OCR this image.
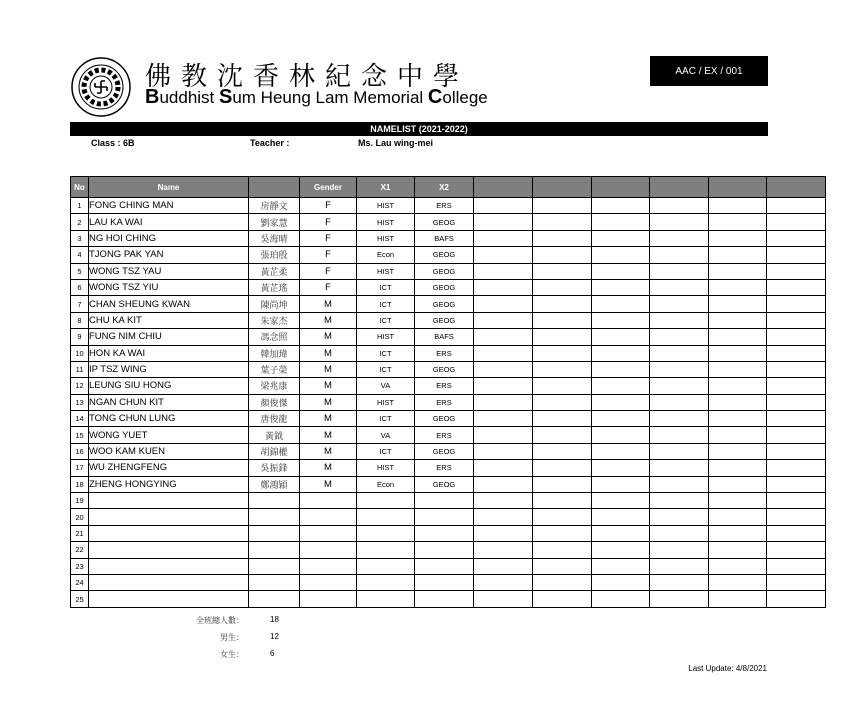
佛教沈香林紀念中學
Buddhist Sum Heung Lam Memorial College
AAC / EX / 001
NAMELIST (2021-2022)
Class : 6B	Teacher :	Ms. Lau wing-mei
No	Name		Gender	X1	X2						
1	FONG CHING MAN	房靜文	F	HIST	ERS						
2	LAU KA WAI	劉家慧	F	HIST	GEOG						
3	NG HOI CHING	吳海晴	F	HIST	BAFS						
4	TJONG PAK YAN	張珀殷	F	Econ	GEOG						
5	WONG TSZ YAU	黃芷柔	F	HIST	GEOG						
6	WONG TSZ YIU	黃芷瑤	F	ICT	GEOG						
7	CHAN SHEUNG KWAN	陳尚坤	M	ICT	GEOG						
8	CHU KA KIT	朱家杰	M	ICT	GEOG						
9	FUNG NIM CHIU	馮念照	M	HIST	BAFS						
10	HON KA WAI	韓加瑋	M	ICT	ERS						
11	IP TSZ WING	葉子榮	M	ICT	GEOG						
12	LEUNG SIU HONG	梁兆康	M	VA	ERS						
13	NGAN CHUN KIT	顏俊傑	M	HIST	ERS						
14	TONG CHUN LUNG	唐俊龍	M	ICT	GEOG						
15	WONG YUET	黃鉞	M	VA	ERS						
16	WOO KAM KUEN	胡錦權	M	ICT	GEOG						
17	WU ZHENGFENG	吳振鋒	M	HIST	ERS						
18	ZHENG HONGYING	鄭鴻穎	M	Econ	GEOG						
19											
20											
21											
22											
23											
24											
25											
全班總人數：	18
男生：	12
女生：	6
Last Update: 4/8/2021
